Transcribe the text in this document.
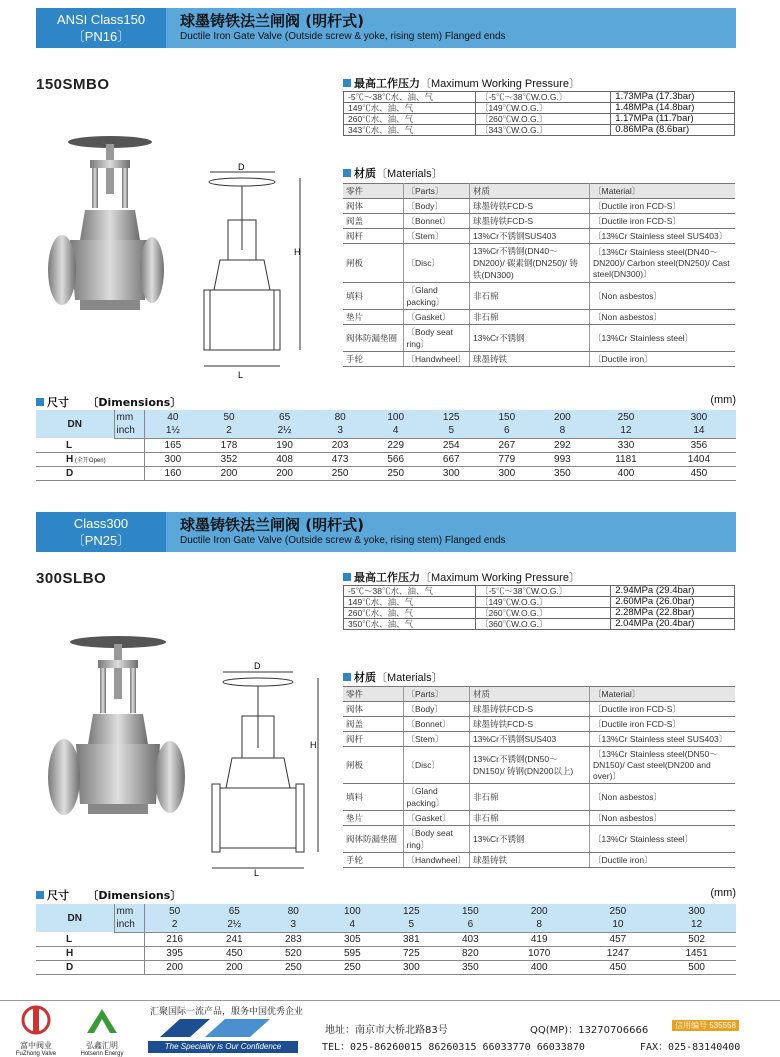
ANSI Class150
〔PN16〕
球墨铸铁法兰闸阀 (明杆式)
Ductile Iron Gate Valve (Outside screw & yoke, rising stem) Flanged ends
150SMBO
D
H
L
最高工作压力〔Maximum Working Pressure〕
-5℃～38℃水、油、气	〔-5℃～38℃W.O.G.〕	1.73MPa (17.3bar)
149℃水、油、气	〔149℃W.O.G.〕	1.48MPa (14.8bar)
260℃水、油、气	〔260℃W.O.G.〕	1.17MPa (11.7bar)
343℃水、油、气	〔343℃W.O.G.〕	0.86MPa (8.6bar)
材质〔Materials〕
零件	〔Parts〕	材质	〔Material〕
阀体	〔Body〕	球墨铸铁FCD-S	〔Ductile iron FCD-S〕
阀盖	〔Bonnet〕	球墨铸铁FCD-S	〔Ductile iron FCD-S〕
阀杆	〔Stem〕	13%Cr不锈钢SUS403	〔13%Cr Stainless steel SUS403〕
闸板	〔Disc〕	13%Cr不锈钢(DN40～DN200)/ 碳素钢(DN250)/ 铸铁(DN300)	〔13%Cr Stainless steel(DN40～DN200)/ Carbon steel(DN250)/ Cast steel(DN300)〕
填料	〔Gland packing〕	非石棉	〔Non asbestos〕
垫片	〔Gasket〕	非石棉	〔Non asbestos〕
阀体防漏垫圈	〔Body seat ring〕	13%Cr不锈钢	〔13%Cr Stainless steel〕
手轮	〔Handwheel〕	球墨铸铁	〔Ductile iron〕
尺寸 〔Dimensions〕	(mm)
DN	mm	40	50	65	80	100	125	150	200	250	300
	inch	1½	2	2½	3	4	5	6	8	12	14
L		165	178	190	203	229	254	267	292	330	356
H (全开Open)		300	352	408	473	566	667	779	993	1181	1404
D		160	200	200	250	250	300	300	350	400	450
Class300
〔PN25〕
球墨铸铁法兰闸阀 (明杆式)
Ductile Iron Gate Valve (Outside screw & yoke, rising stem) Flanged ends
300SLBO
D
H
L
最高工作压力〔Maximum Working Pressure〕
-5℃～38℃水、油、气	〔-5℃～38℃W.O.G.〕	2.94MPa (29.4bar)
149℃水、油、气	〔149℃W.O.G.〕	2.60MPa (26.0bar)
260℃水、油、气	〔260℃W.O.G.〕	2.28MPa (22.8bar)
350℃水、油、气	〔360℃W.O.G.〕	2.04MPa (20.4bar)
材质〔Materials〕
零件	〔Parts〕	材质	〔Material〕
阀体	〔Body〕	球墨铸铁FCD-S	〔Ductile iron FCD-S〕
阀盖	〔Bonnet〕	球墨铸铁FCD-S	〔Ductile iron FCD-S〕
阀杆	〔Stem〕	13%Cr不锈钢SUS403	〔13%Cr Stainless steel SUS403〕
闸板	〔Disc〕	13%Cr不锈钢(DN50～DN150)/ 铸钢(DN200以上)	〔13%Cr Stainless steel(DN50～DN150)/ Cast steel(DN200 and over)〕
填料	〔Gland packing〕	非石棉	〔Non asbestos〕
垫片	〔Gasket〕	非石棉	〔Non asbestos〕
阀体防漏垫圈	〔Body seat ring〕	13%Cr不锈钢	〔13%Cr Stainless steel〕
手轮	〔Handwheel〕	球墨铸铁	〔Ductile iron〕
尺寸 〔Dimensions〕	(mm)
DN	mm	50	65	80	100	125	150	200	250	300
	inch	2	2½	3	4	5	6	8	10	12
L		216	241	283	305	381	403	419	457	502
H		395	450	520	595	725	820	1070	1247	1451
D		200	200	250	250	300	350	400	450	500
富中阀业
FuZhong Valve
弘鑫汇明
Hotsenn Energy
汇聚国际一流产品，服务中国优秀企业
The Speciality is Our Confidence
地址：南京市大桥北路83号	QQ(MP)：13270706666	信用编号 535558
TEL：025-86260015 86260315 66033770 66033870	FAX：025-83140400
